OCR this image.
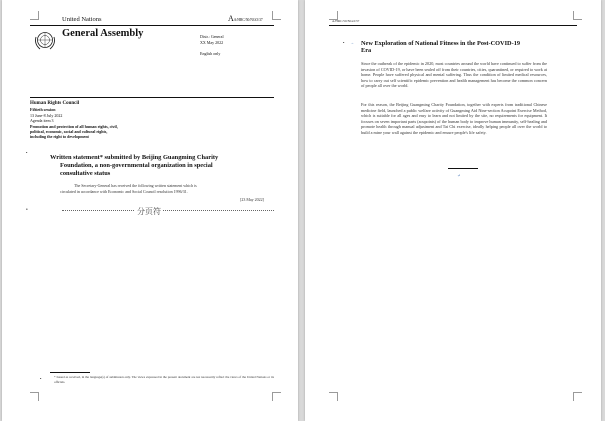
United Nations	AA/HRC/50/NGO/37
General Assembly	Distr.: General
XX May 2022
English only
Human Rights Council
Fiftieth session
13 June-8 July 2022
Agenda item 3
Promotion and protection of all human rights, civil,
political, economic, social and cultural rights,
including the right to development
•
Written statement* submitted by Beijing Guangming Charity
Foundation, a non-governmental organization in special
consultative status
The Secretary-General has received the following written statement which is
circulated in accordance with Economic and Social Council resolution 1996/31.
[23 May 2022]
•	分页符
•	* Issued as received, in the language(s) of submission only. The views expressed in the present document are not necessarily reflect the views of the United Nations or its officials.
A/HRC/50/NGO/37
• → New Exploration of National Fitness in the Post-COVID-19
Era
Since the outbreak of the epidemic in 2020, most countries around the world have continued to suffer from the invasion of COVID-19, or have been sealed off from their countries, cities, quarantined, or required to work at home. People have suffered physical and mental suffering. Thus the condition of limited medical resources, how to carry out self scientific epidemic prevention and health management has become the common concern of people all over the world.
For this reason, the Beijing Guangming Charity Foundation, together with experts from traditional Chinese medicine field, launched a public welfare activity of Guangming Aid Nine-section Acupoint Exercise Method, which is suitable for all ages and easy to learn and not limited by the site, no requirements for equipment. It focuses on seven important parts (acupoints) of the human body to improve human immunity, self-healing and promote health through manual adjustment and Tai Chi exercise, ideally helping people all over the world to build a mine your wall against the epidemic and ensure people's life safety.
↵
